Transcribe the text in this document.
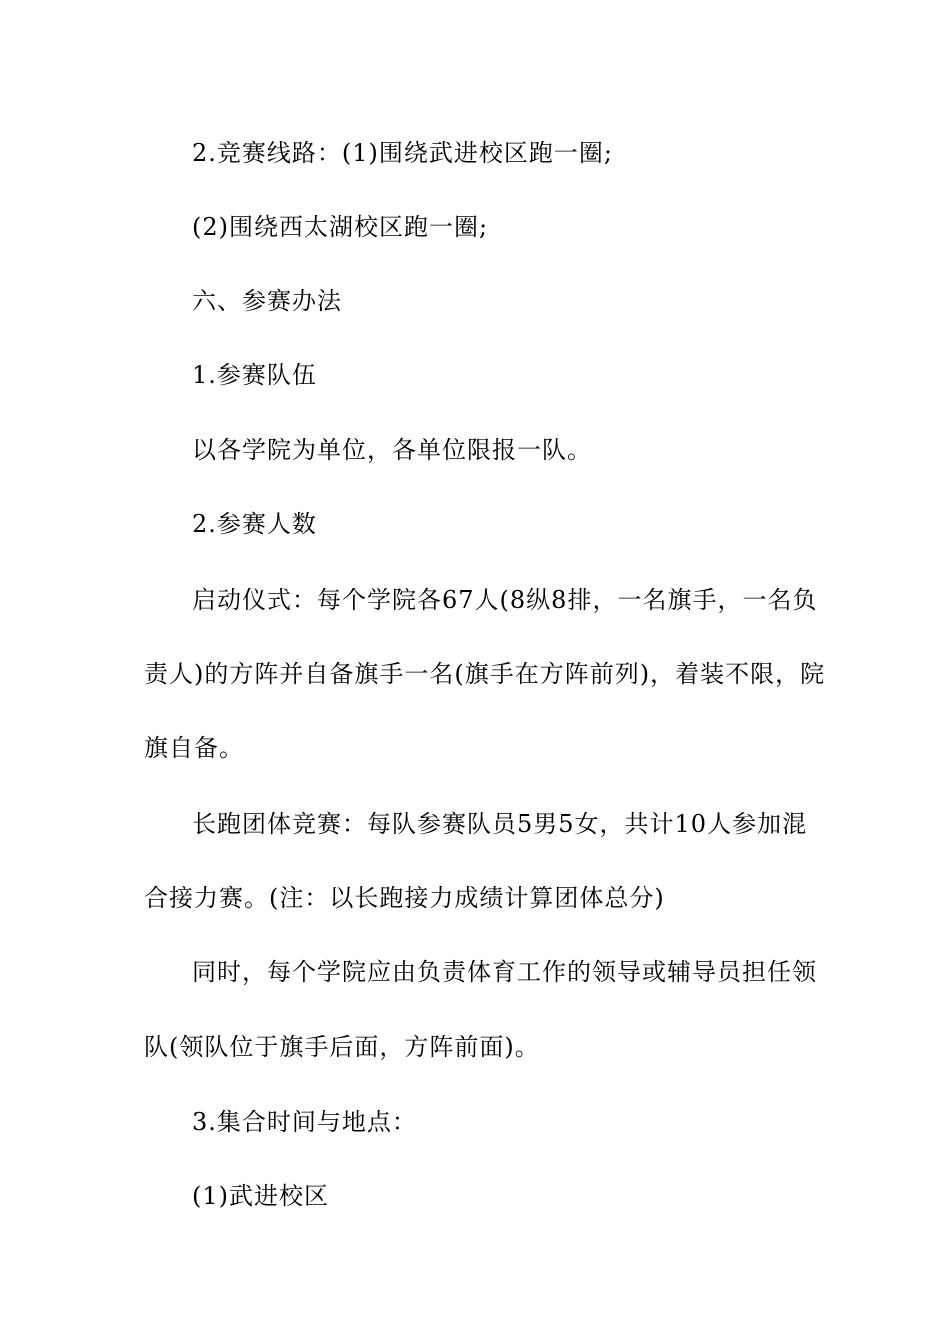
2.竞赛线路：(1)围绕武进校区跑一圈;
(2)围绕西太湖校区跑一圈;
六、参赛办法
1.参赛队伍
以各学院为单位，各单位限报一队。
2.参赛人数
启动仪式：每个学院各67人(8纵8排，一名旗手，一名负
责人)的方阵并自备旗手一名(旗手在方阵前列)，着装不限，院
旗自备。
长跑团体竞赛：每队参赛队员5男5女，共计10人参加混
合接力赛。(注：以长跑接力成绩计算团体总分)
同时，每个学院应由负责体育工作的领导或辅导员担任领
队(领队位于旗手后面，方阵前面)。
3.集合时间与地点：
(1)武进校区
